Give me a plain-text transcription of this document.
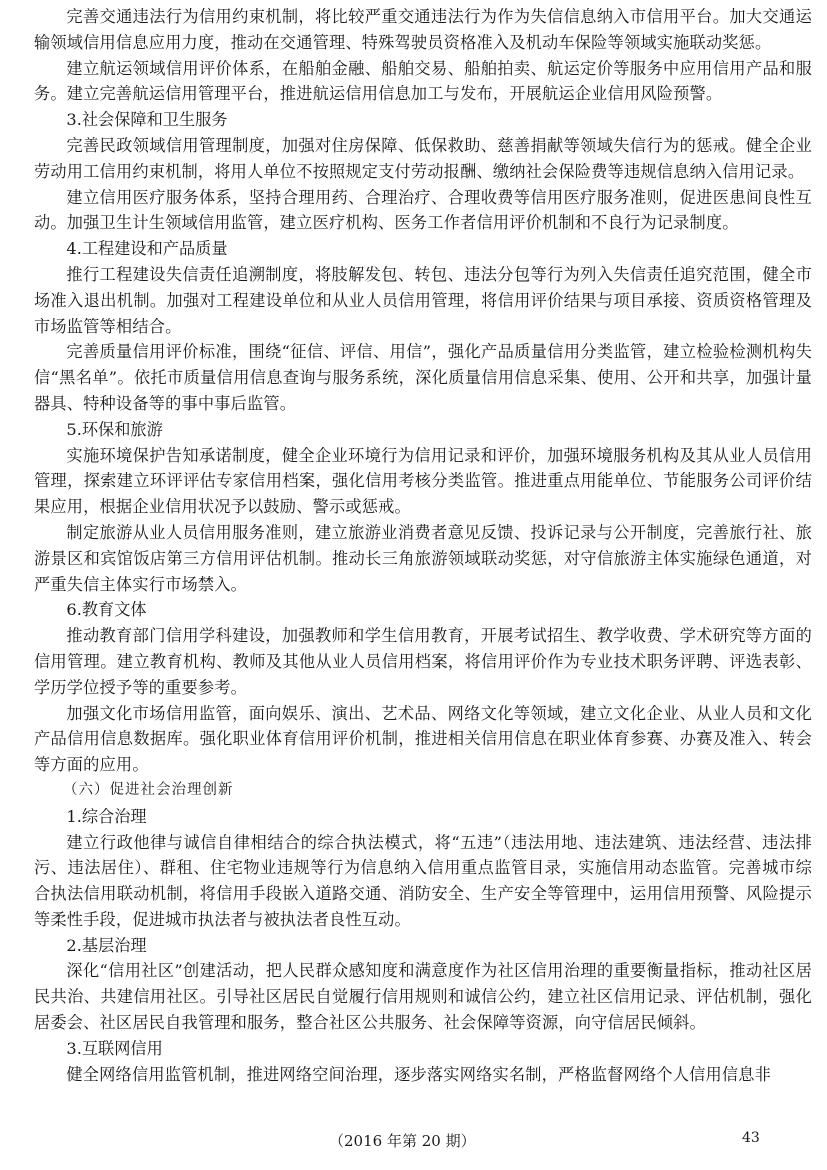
完善交通违法行为信用约束机制，将比较严重交通违法行为作为失信信息纳入市信用平台。加大交通运输领域信用信息应用力度，推动在交通管理、特殊驾驶员资格准入及机动车保险等领域实施联动奖惩。

建立航运领域信用评价体系，在船舶金融、船舶交易、船舶拍卖、航运定价等服务中应用信用产品和服务。建立完善航运信用管理平台，推进航运信用信息加工与发布，开展航运企业信用风险预警。

3.社会保障和卫生服务

完善民政领域信用管理制度，加强对住房保障、低保救助、慈善捐献等领域失信行为的惩戒。健全企业劳动用工信用约束机制，将用人单位不按照规定支付劳动报酬、缴纳社会保险费等违规信息纳入信用记录。

建立信用医疗服务体系，坚持合理用药、合理治疗、合理收费等信用医疗服务准则，促进医患间良性互动。加强卫生计生领域信用监管，建立医疗机构、医务工作者信用评价机制和不良行为记录制度。

4.工程建设和产品质量

推行工程建设失信责任追溯制度，将肢解发包、转包、违法分包等行为列入失信责任追究范围，健全市场准入退出机制。加强对工程建设单位和从业人员信用管理，将信用评价结果与项目承接、资质资格管理及市场监管等相结合。

完善质量信用评价标准，围绕“征信、评信、用信”，强化产品质量信用分类监管，建立检验检测机构失信“黑名单”。依托市质量信用信息查询与服务系统，深化质量信用信息采集、使用、公开和共享，加强计量器具、特种设备等的事中事后监管。

5.环保和旅游

实施环境保护告知承诺制度，健全企业环境行为信用记录和评价，加强环境服务机构及其从业人员信用管理，探索建立环评评估专家信用档案，强化信用考核分类监管。推进重点用能单位、节能服务公司评价结果应用，根据企业信用状况予以鼓励、警示或惩戒。

制定旅游从业人员信用服务准则，建立旅游业消费者意见反馈、投诉记录与公开制度，完善旅行社、旅游景区和宾馆饭店第三方信用评估机制。推动长三角旅游领域联动奖惩，对守信旅游主体实施绿色通道，对严重失信主体实行市场禁入。

6.教育文体

推动教育部门信用学科建设，加强教师和学生信用教育，开展考试招生、教学收费、学术研究等方面的信用管理。建立教育机构、教师及其他从业人员信用档案，将信用评价作为专业技术职务评聘、评选表彰、学历学位授予等的重要参考。

加强文化市场信用监管，面向娱乐、演出、艺术品、网络文化等领域，建立文化企业、从业人员和文化产品信用信息数据库。强化职业体育信用评价机制，推进相关信用信息在职业体育参赛、办赛及准入、转会等方面的应用。

（六）促进社会治理创新

1.综合治理

建立行政他律与诚信自律相结合的综合执法模式，将“五违”（违法用地、违法建筑、违法经营、违法排污、违法居住）、群租、住宅物业违规等行为信息纳入信用重点监管目录，实施信用动态监管。完善城市综合执法信用联动机制，将信用手段嵌入道路交通、消防安全、生产安全等管理中，运用信用预警、风险提示等柔性手段，促进城市执法者与被执法者良性互动。

2.基层治理

深化“信用社区”创建活动，把人民群众感知度和满意度作为社区信用治理的重要衡量指标，推动社区居民共治、共建信用社区。引导社区居民自觉履行信用规则和诚信公约，建立社区信用记录、评估机制，强化居委会、社区居民自我管理和服务，整合社区公共服务、社会保障等资源，向守信居民倾斜。

3.互联网信用

健全网络信用监管机制，推进网络空间治理，逐步落实网络实名制，严格监督网络个人信用信息非

（2016 年第 20 期）	43
